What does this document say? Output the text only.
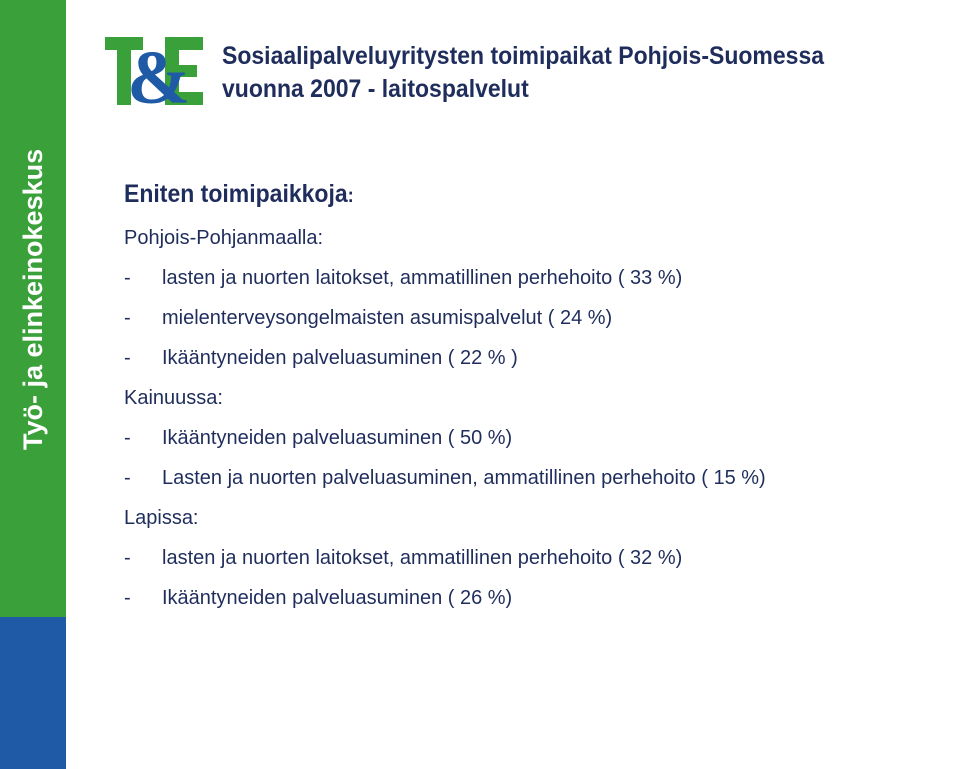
Työ- ja elinkeinokeskus
& Sosiaalipalveluyritysten toimipaikat Pohjois-Suomessa
vuonna 2007 - laitospalvelut
Eniten toimipaikkoja:
Pohjois-Pohjanmaalla:
- lasten ja nuorten laitokset, ammatillinen perhehoito ( 33 %)
- mielenterveysongelmaisten asumispalvelut ( 24 %)
- Ikääntyneiden palveluasuminen ( 22 % )
Kainuussa:
- Ikääntyneiden palveluasuminen ( 50 %)
- Lasten ja nuorten palveluasuminen, ammatillinen perhehoito ( 15 %)
Lapissa:
- lasten ja nuorten laitokset, ammatillinen perhehoito ( 32 %)
- Ikääntyneiden palveluasuminen ( 26 %)
